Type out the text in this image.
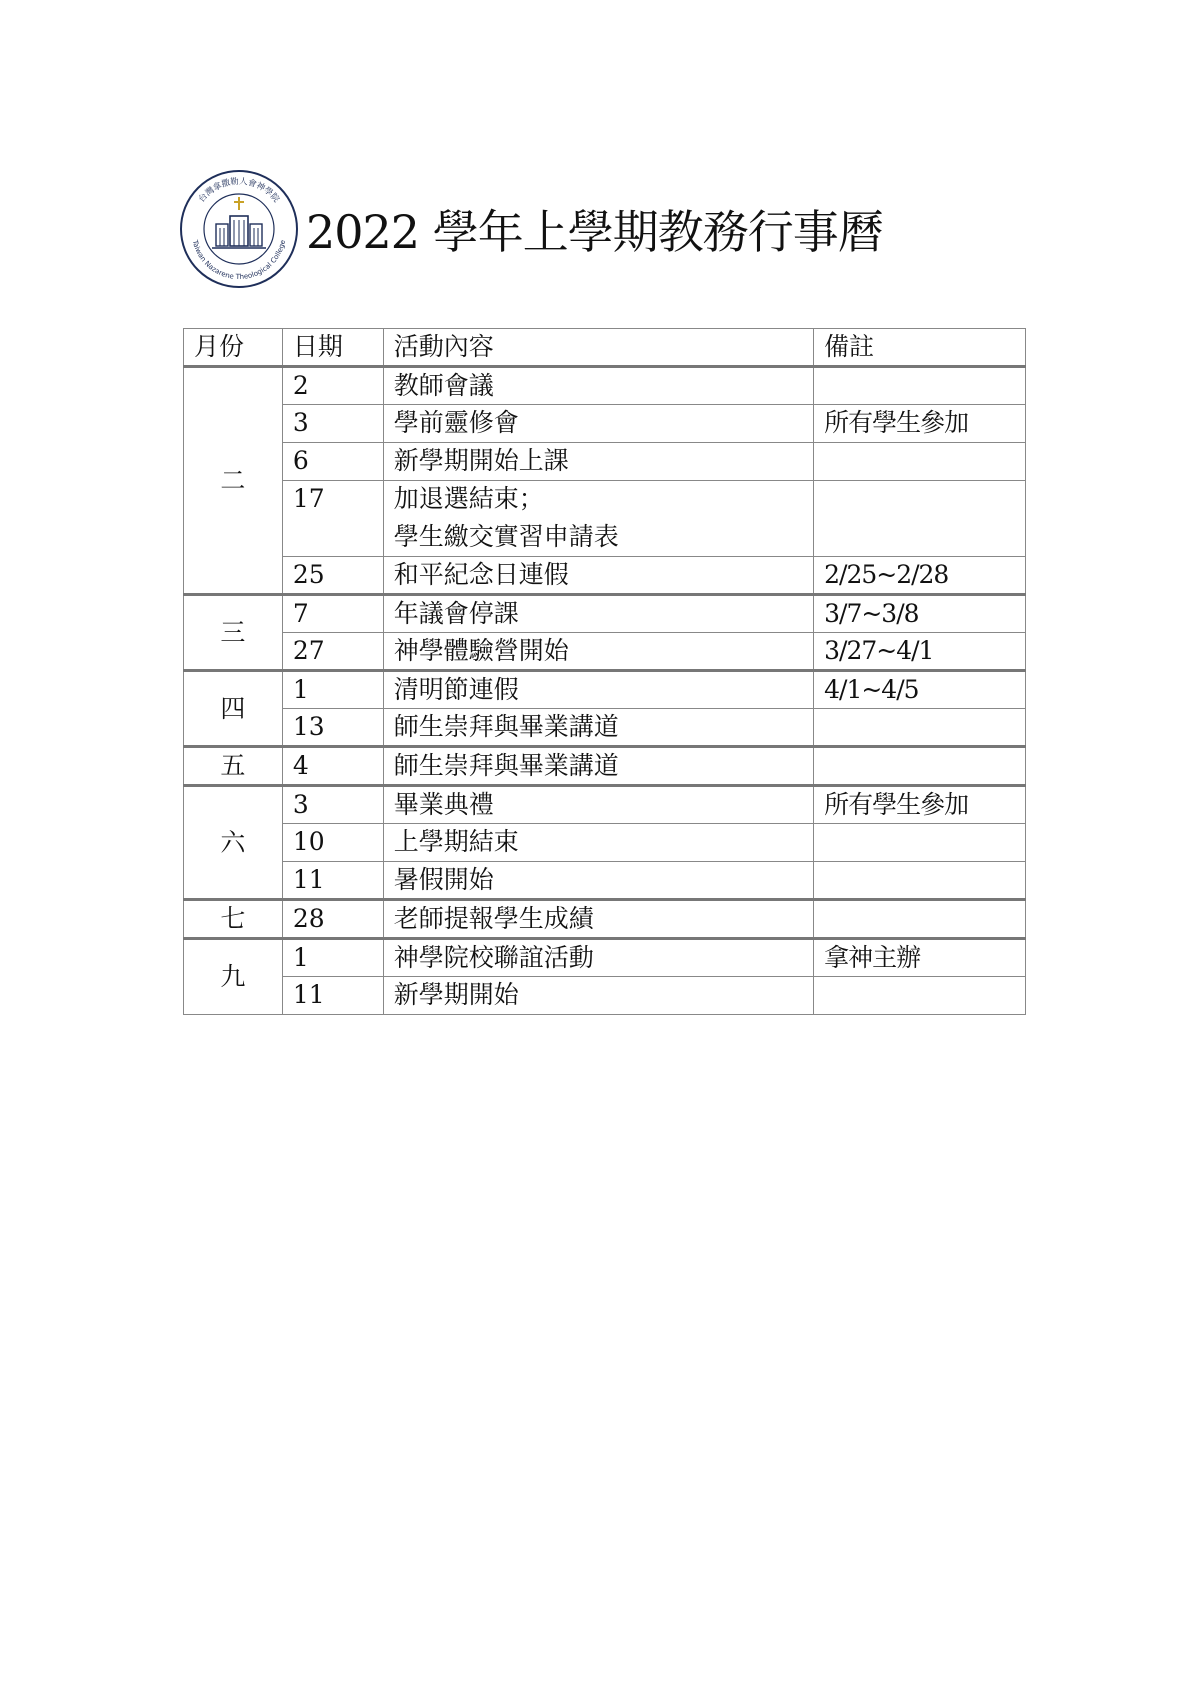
台灣拿撒勒人會神學院
Taiwan Nazarene Theological College 2022 學年上學期教務行事曆
月份	日期	活動內容	備註
二	2	教師會議	
	3	學前靈修會	所有學生參加
	6	新學期開始上課	
	17	加退選結束；	
		學生繳交實習申請表	
	25	和平紀念日連假	2/25~2/28
三	7	年議會停課	3/7~3/8
	27	神學體驗營開始	3/27~4/1
四	1	清明節連假	4/1~4/5
	13	師生崇拜與畢業講道	
五	4	師生崇拜與畢業講道	
六	3	畢業典禮	所有學生參加
	10	上學期結束	
	11	暑假開始	
七	28	老師提報學生成績	
九	1	神學院校聯誼活動	拿神主辦
	11	新學期開始	
